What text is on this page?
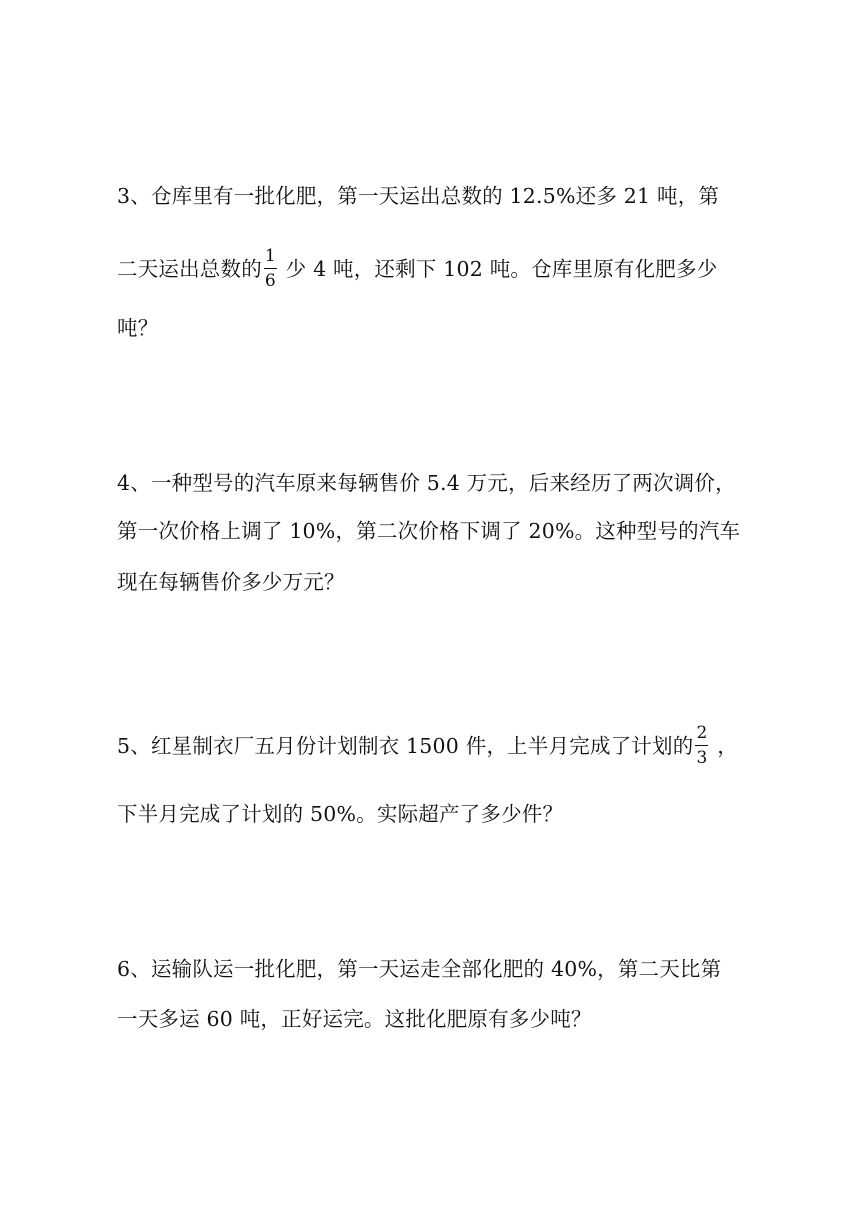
3、仓库里有一批化肥，第一天运出总数的 12.5%还多 21 吨，第
二天运出总数的 $\frac{1}{6}$ 少 4 吨，还剩下 102 吨。仓库里原有化肥多少
吨？
4、一种型号的汽车原来每辆售价 5.4 万元，后来经历了两次调价，
第一次价格上调了 10%，第二次价格下调了 20%。这种型号的汽车
现在每辆售价多少万元？
5、红星制衣厂五月份计划制衣 1500 件，上半月完成了计划的 $\frac{2}{3}$ ，
下半月完成了计划的 50%。实际超产了多少件？
6、运输队运一批化肥，第一天运走全部化肥的 40%，第二天比第
一天多运 60 吨，正好运完。这批化肥原有多少吨？
